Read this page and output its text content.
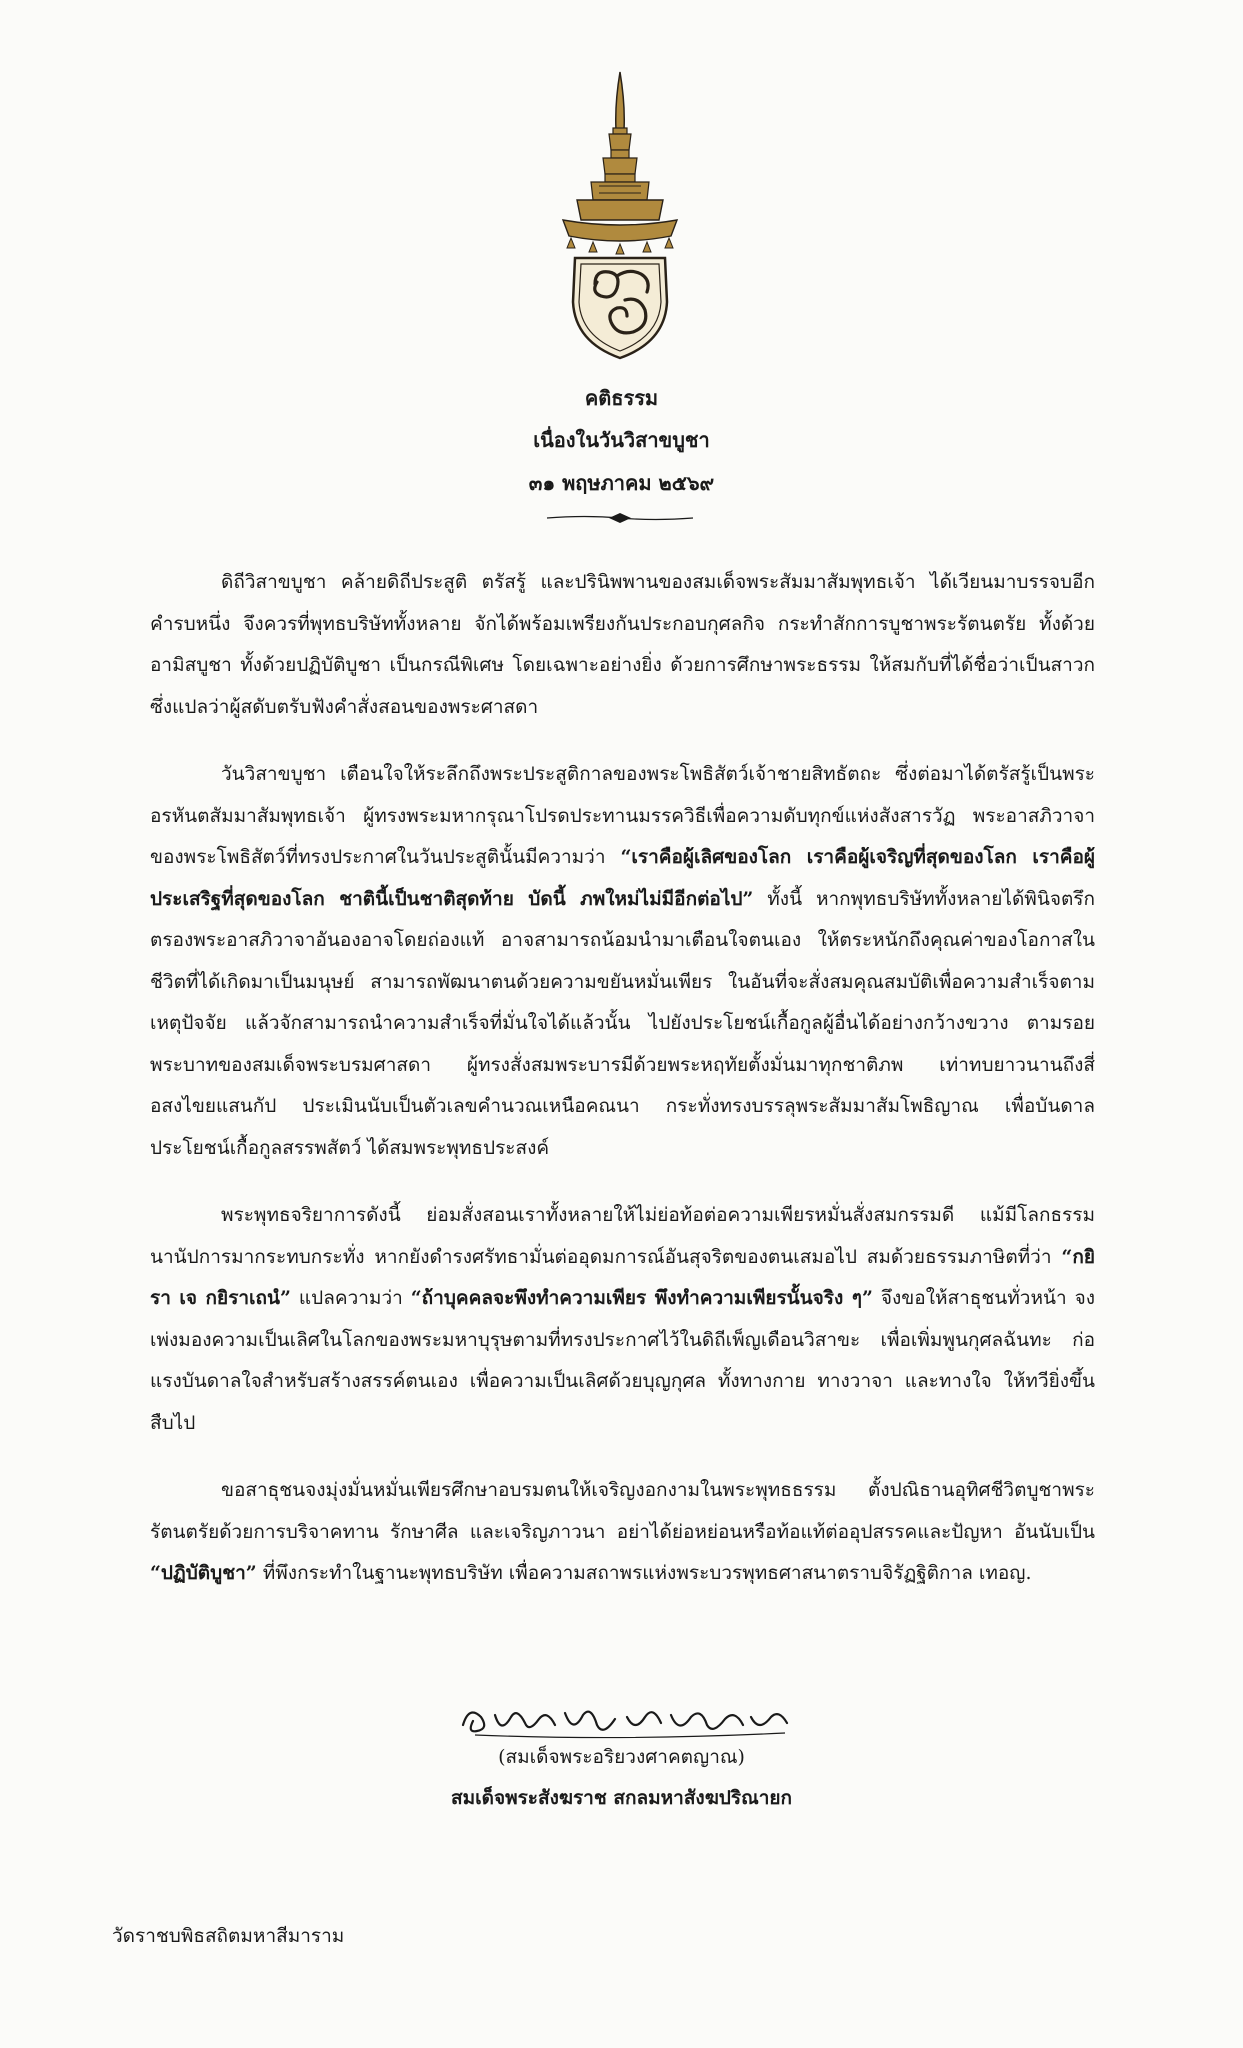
คติธรรม
เนื่องในวันวิสาขบูชา
๓๑ พฤษภาคม ๒๕๖๙

ดิถีวิสาขบูชา คล้ายดิถีประสูติ ตรัสรู้ และปรินิพพานของสมเด็จพระสัมมาสัมพุทธเจ้า ได้เวียนมาบรรจบอีกคำรบหนึ่ง จึงควรที่พุทธบริษัททั้งหลาย จักได้พร้อมเพรียงกันประกอบกุศลกิจ กระทำสักการบูชาพระรัตนตรัย ทั้งด้วยอามิสบูชา ทั้งด้วยปฏิบัติบูชา เป็นกรณีพิเศษ โดยเฉพาะอย่างยิ่ง ด้วยการศึกษาพระธรรม ให้สมกับที่ได้ชื่อว่าเป็นสาวก ซึ่งแปลว่าผู้สดับตรับฟังคำสั่งสอนของพระศาสดา

วันวิสาขบูชา เตือนใจให้ระลึกถึงพระประสูติกาลของพระโพธิสัตว์เจ้าชายสิทธัตถะ ซึ่งต่อมาได้ตรัสรู้เป็นพระอรหันตสัมมาสัมพุทธเจ้า ผู้ทรงพระมหากรุณาโปรดประทานมรรควิธีเพื่อความดับทุกข์แห่งสังสารวัฏ พระอาสภิวาจาของพระโพธิสัตว์ที่ทรงประกาศในวันประสูตินั้นมีความว่า “เราคือผู้เลิศของโลก เราคือผู้เจริญที่สุดของโลก เราคือผู้ประเสริฐที่สุดของโลก ชาตินี้เป็นชาติสุดท้าย บัดนี้ ภพใหม่ไม่มีอีกต่อไป” ทั้งนี้ หากพุทธบริษัททั้งหลายได้พินิจตรึกตรองพระอาสภิวาจาอันองอาจโดยถ่องแท้ อาจสามารถน้อมนำมาเตือนใจตนเอง ให้ตระหนักถึงคุณค่าของโอกาสในชีวิตที่ได้เกิดมาเป็นมนุษย์ สามารถพัฒนาตนด้วยความขยันหมั่นเพียร ในอันที่จะสั่งสมคุณสมบัติเพื่อความสำเร็จตามเหตุปัจจัย แล้วจักสามารถนำความสำเร็จที่มั่นใจได้แล้วนั้น ไปยังประโยชน์เกื้อกูลผู้อื่นได้อย่างกว้างขวาง ตามรอยพระบาทของสมเด็จพระบรมศาสดา ผู้ทรงสั่งสมพระบารมีด้วยพระหฤทัยตั้งมั่นมาทุกชาติภพ เท่าทบยาวนานถึงสี่อสงไขยแสนกัป ประเมินนับเป็นตัวเลขคำนวณเหนือคณนา กระทั่งทรงบรรลุพระสัมมาสัมโพธิญาณ เพื่อบันดาลประโยชน์เกื้อกูลสรรพสัตว์ ได้สมพระพุทธประสงค์

พระพุทธจริยาการดังนี้ ย่อมสั่งสอนเราทั้งหลายให้ไม่ย่อท้อต่อความเพียรหมั่นสั่งสมกรรมดี แม้มีโลกธรรมนานัปการมากระทบกระทั่ง หากยังดำรงศรัทธามั่นต่ออุดมการณ์อันสุจริตของตนเสมอไป สมด้วยธรรมภาษิตที่ว่า “กยิรา เจ กยิราเถนํ” แปลความว่า “ถ้าบุคคลจะพึงทำความเพียร พึงทำความเพียรนั้นจริง ๆ” จึงขอให้สาธุชนทั่วหน้า จงเพ่งมองความเป็นเลิศในโลกของพระมหาบุรุษตามที่ทรงประกาศไว้ในดิถีเพ็ญเดือนวิสาขะ เพื่อเพิ่มพูนกุศลฉันทะ ก่อแรงบันดาลใจสำหรับสร้างสรรค์ตนเอง เพื่อความเป็นเลิศด้วยบุญกุศล ทั้งทางกาย ทางวาจา และทางใจ ให้ทวียิ่งขึ้นสืบไป

ขอสาธุชนจงมุ่งมั่นหมั่นเพียรศึกษาอบรมตนให้เจริญงอกงามในพระพุทธธรรม ตั้งปณิธานอุทิศชีวิตบูชาพระรัตนตรัยด้วยการบริจาคทาน รักษาศีล และเจริญภาวนา อย่าได้ย่อหย่อนหรือท้อแท้ต่ออุปสรรคและปัญหา อันนับเป็น “ปฏิบัติบูชา” ที่พึงกระทำในฐานะพุทธบริษัท เพื่อความสถาพรแห่งพระบวรพุทธศาสนาตราบจิรัฏฐิติกาล เทอญ.

(สมเด็จพระอริยวงศาคตญาณ)
สมเด็จพระสังฆราช สกลมหาสังฆปริณายก
วัดราชบพิธสถิตมหาสีมาราม
